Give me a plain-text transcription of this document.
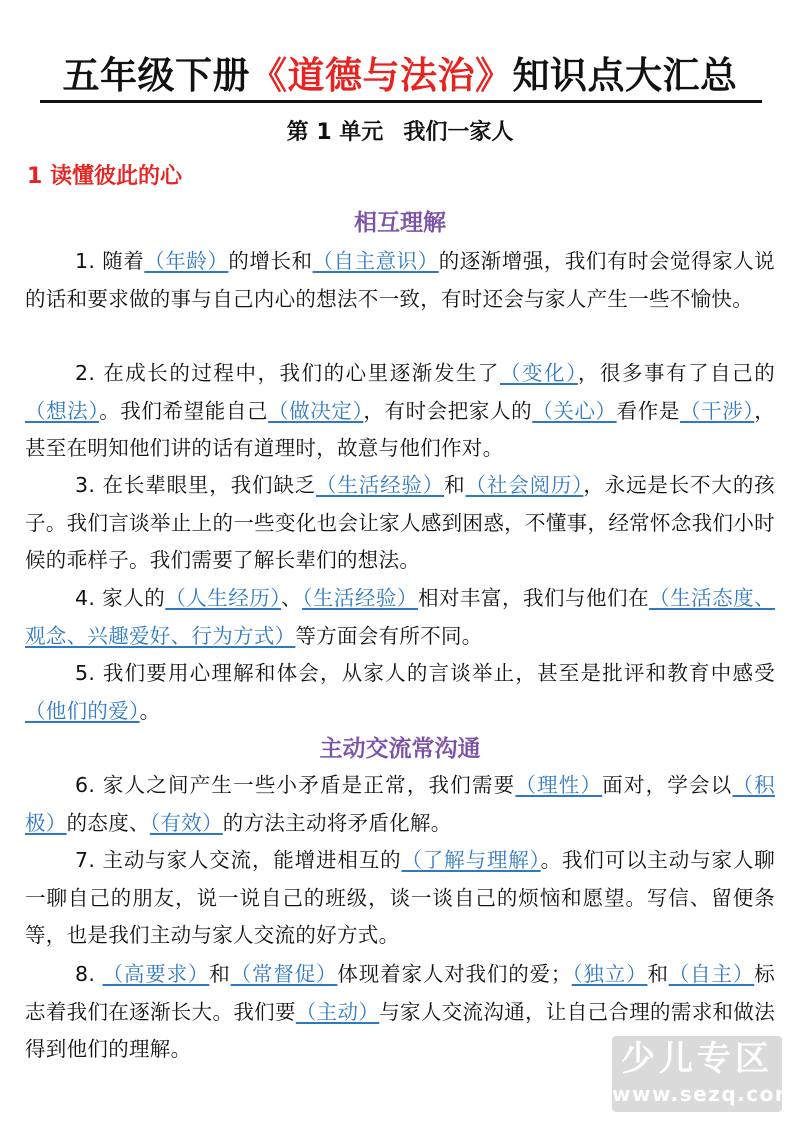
五年级下册《道德与法治》知识点大汇总
第 1 单元 我们一家人
1 读懂彼此的心
相互理解
1. 随着（年龄）的增长和（自主意识）的逐渐增强，我们有时会觉得家人说的话和要求做的事与自己内心的想法不一致，有时还会与家人产生一些不愉快。
2. 在成长的过程中，我们的心里逐渐发生了（变化），很多事有了自己的（想法）。我们希望能自己（做决定），有时会把家人的（关心）看作是（干涉），甚至在明知他们讲的话有道理时，故意与他们作对。
3. 在长辈眼里，我们缺乏（生活经验）和（社会阅历），永远是长不大的孩子。我们言谈举止上的一些变化也会让家人感到困惑，不懂事，经常怀念我们小时候的乖样子。我们需要了解长辈们的想法。
4. 家人的（人生经历）、（生活经验）相对丰富，我们与他们在（生活态度、观念、兴趣爱好、行为方式）等方面会有所不同。
5. 我们要用心理解和体会，从家人的言谈举止，甚至是批评和教育中感受（他们的爱）。
主动交流常沟通
6. 家人之间产生一些小矛盾是正常，我们需要（理性）面对，学会以（积极）的态度、（有效）的方法主动将矛盾化解。
7. 主动与家人交流，能增进相互的（了解与理解）。我们可以主动与家人聊一聊自己的朋友，说一说自己的班级，谈一谈自己的烦恼和愿望。写信、留便条等，也是我们主动与家人交流的好方式。
8. （高要求）和（常督促）体现着家人对我们的爱；（独立）和（自主）标志着我们在逐渐长大。我们要（主动）与家人交流沟通，让自己合理的需求和做法得到他们的理解。	少儿专区
www.sezq.com
